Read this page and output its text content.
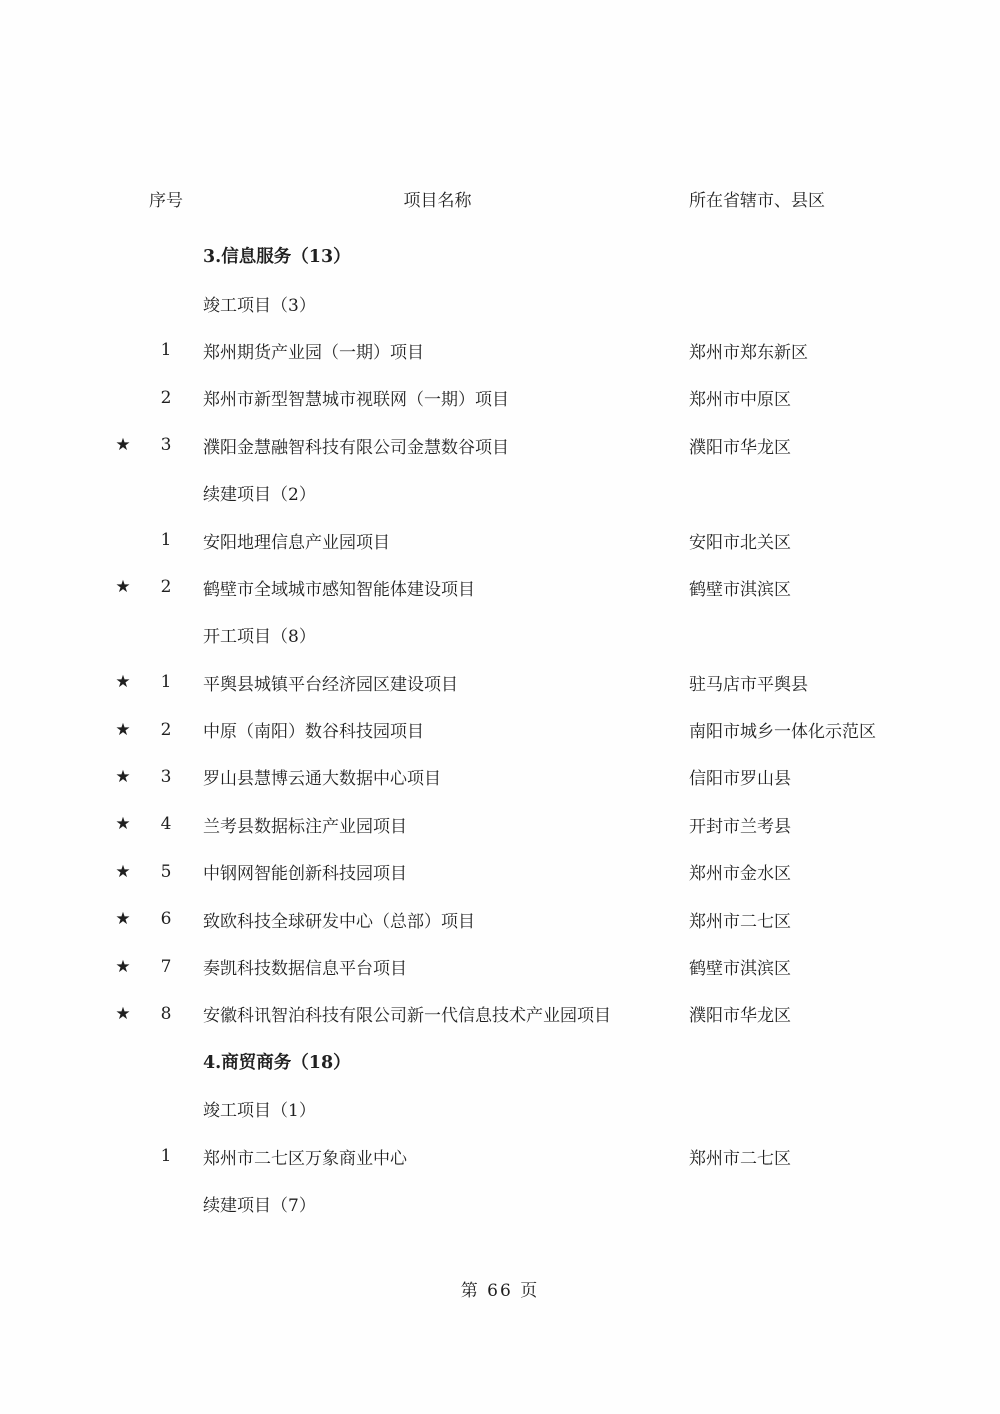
序号	项目名称	所在省辖市、县区
3.信息服务（13）
竣工项目（3）
1	郑州期货产业园（一期）项目	郑州市郑东新区
2	郑州市新型智慧城市视联网（一期）项目	郑州市中原区
★	3	濮阳金慧融智科技有限公司金慧数谷项目	濮阳市华龙区
续建项目（2）
1	安阳地理信息产业园项目	安阳市北关区
★	2	鹤壁市全域城市感知智能体建设项目	鹤壁市淇滨区
开工项目（8）
★	1	平舆县城镇平台经济园区建设项目	驻马店市平舆县
★	2	中原（南阳）数谷科技园项目	南阳市城乡一体化示范区
★	3	罗山县慧博云通大数据中心项目	信阳市罗山县
★	4	兰考县数据标注产业园项目	开封市兰考县
★	5	中钢网智能创新科技园项目	郑州市金水区
★	6	致欧科技全球研发中心（总部）项目	郑州市二七区
★	7	奏凯科技数据信息平台项目	鹤壁市淇滨区
★	8	安徽科讯智泊科技有限公司新一代信息技术产业园项目	濮阳市华龙区
4.商贸商务（18）
竣工项目（1）
1	郑州市二七区万象商业中心	郑州市二七区
续建项目（7）
第 66 页
